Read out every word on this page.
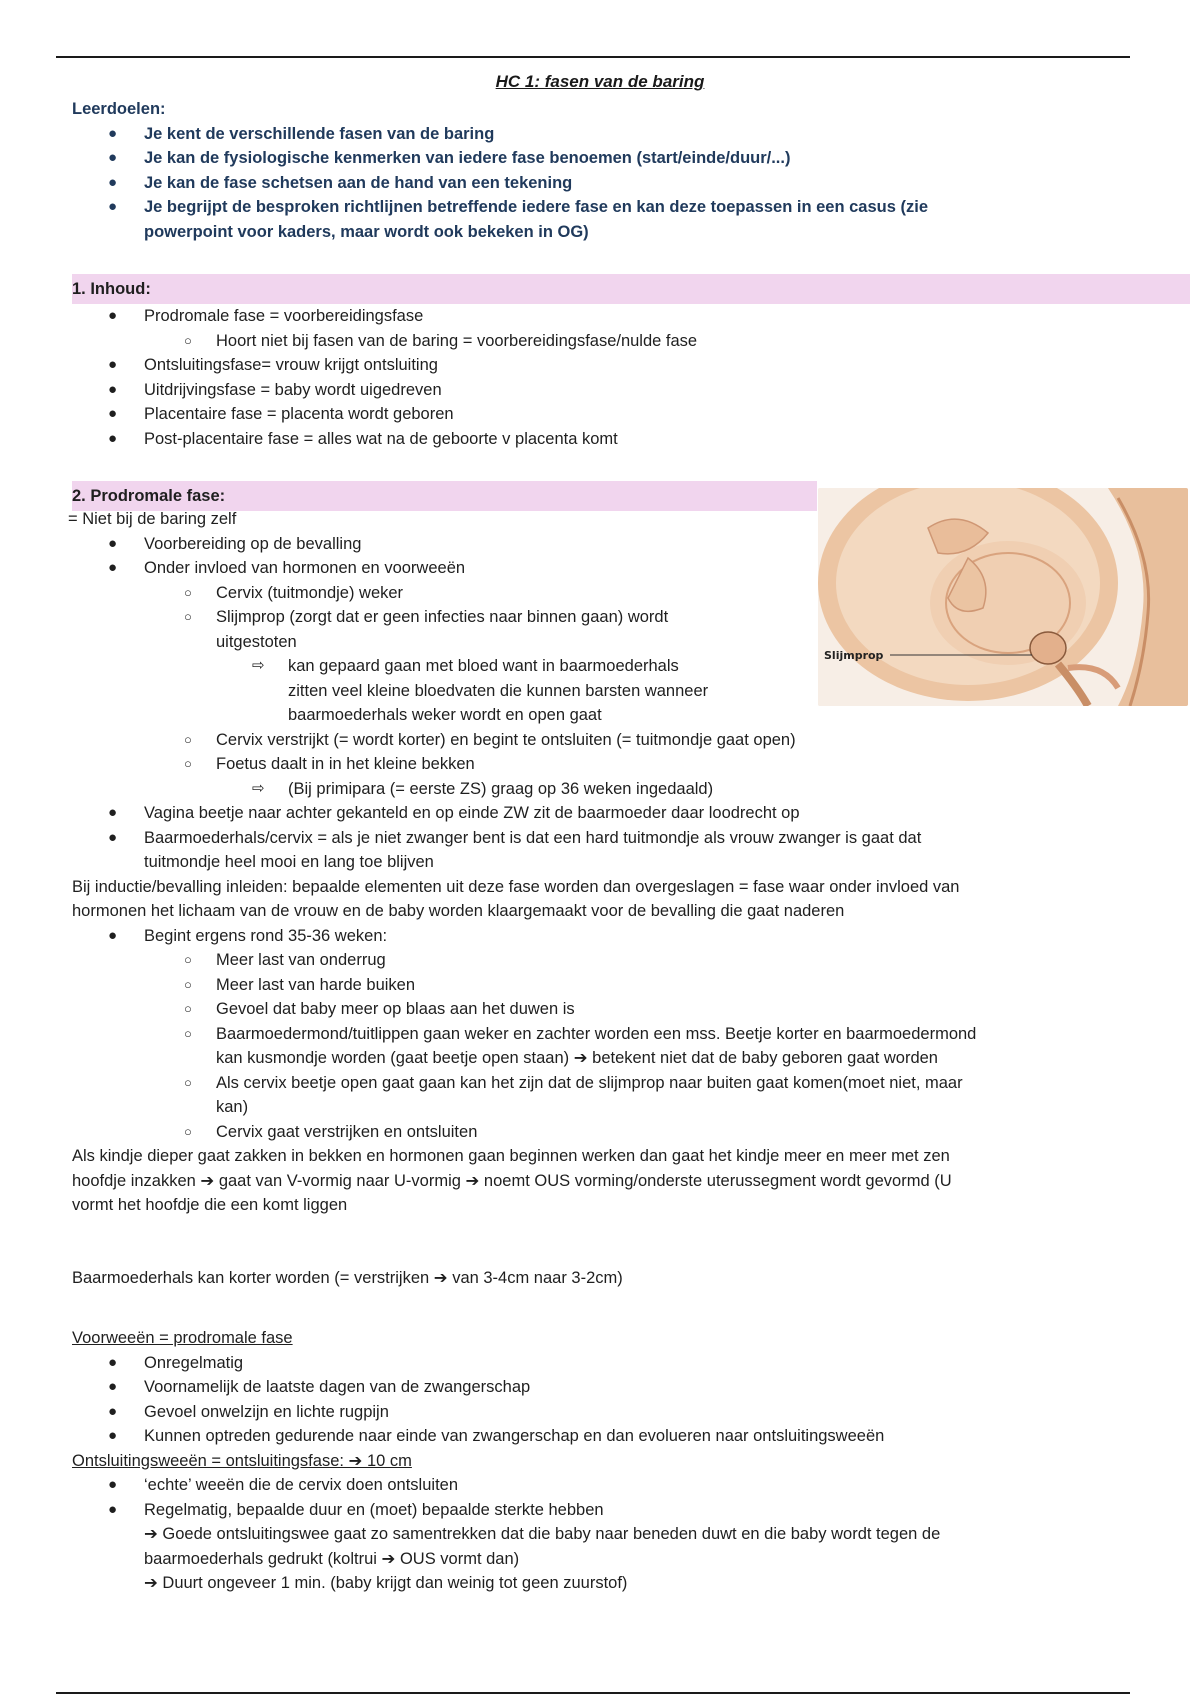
HC 1: fasen van de baring
Leerdoelen:
● Je kent de verschillende fasen van de baring
● Je kan de fysiologische kenmerken van iedere fase benoemen (start/einde/duur/...)
● Je kan de fase schetsen aan de hand van een tekening
● Je begrijpt de besproken richtlijnen betreffende iedere fase en kan deze toepassen in een casus (zie
powerpoint voor kaders, maar wordt ook bekeken in OG)
1. Inhoud:
● Prodromale fase = voorbereidingsfase
○ Hoort niet bij fasen van de baring = voorbereidingsfase/nulde fase
● Ontsluitingsfase= vrouw krijgt ontsluiting
● Uitdrijvingsfase = baby wordt uigedreven
● Placentaire fase = placenta wordt geboren
● Post-placentaire fase = alles wat na de geboorte v placenta komt
2. Prodromale fase:
Slijmprop
= Niet bij de baring zelf
● Voorbereiding op de bevalling
● Onder invloed van hormonen en voorweeën
○ Cervix (tuitmondje) weker
○ Slijmprop (zorgt dat er geen infecties naar binnen gaan) wordt
uitgestoten
⇨ kan gepaard gaan met bloed want in baarmoederhals
zitten veel kleine bloedvaten die kunnen barsten wanneer
baarmoederhals weker wordt en open gaat
○ Cervix verstrijkt (= wordt korter) en begint te ontsluiten (= tuitmondje gaat open)
○ Foetus daalt in in het kleine bekken
⇨ (Bij primipara (= eerste ZS) graag op 36 weken ingedaald)
● Vagina beetje naar achter gekanteld en op einde ZW zit de baarmoeder daar loodrecht op
● Baarmoederhals/cervix = als je niet zwanger bent is dat een hard tuitmondje als vrouw zwanger is gaat dat
tuitmondje heel mooi en lang toe blijven
Bij inductie/bevalling inleiden: bepaalde elementen uit deze fase worden dan overgeslagen = fase waar onder invloed van
hormonen het lichaam van de vrouw en de baby worden klaargemaakt voor de bevalling die gaat naderen
● Begint ergens rond 35-36 weken:
○ Meer last van onderrug
○ Meer last van harde buiken
○ Gevoel dat baby meer op blaas aan het duwen is
○ Baarmoedermond/tuitlippen gaan weker en zachter worden een mss. Beetje korter en baarmoedermond
kan kusmondje worden (gaat beetje open staan) ➔ betekent niet dat de baby geboren gaat worden
○ Als cervix beetje open gaat gaan kan het zijn dat de slijmprop naar buiten gaat komen(moet niet, maar
kan)
○ Cervix gaat verstrijken en ontsluiten
Als kindje dieper gaat zakken in bekken en hormonen gaan beginnen werken dan gaat het kindje meer en meer met zen
hoofdje inzakken ➔ gaat van V-vormig naar U-vormig ➔ noemt OUS vorming/onderste uterussegment wordt gevormd (U
vormt het hoofdje die een komt liggen
Baarmoederhals kan korter worden (= verstrijken ➔ van 3-4cm naar 3-2cm)
Voorweeën = prodromale fase
● Onregelmatig
● Voornamelijk de laatste dagen van de zwangerschap
● Gevoel onwelzijn en lichte rugpijn
● Kunnen optreden gedurende naar einde van zwangerschap en dan evolueren naar ontsluitingsweeën
Ontsluitingsweeën = ontsluitingsfase: ➔ 10 cm
● ‘echte’ weeën die de cervix doen ontsluiten
● Regelmatig, bepaalde duur en (moet) bepaalde sterkte hebben
➔ Goede ontsluitingswee gaat zo samentrekken dat die baby naar beneden duwt en die baby wordt tegen de
baarmoederhals gedrukt (koltrui ➔ OUS vormt dan)
➔ Duurt ongeveer 1 min. (baby krijgt dan weinig tot geen zuurstof)
